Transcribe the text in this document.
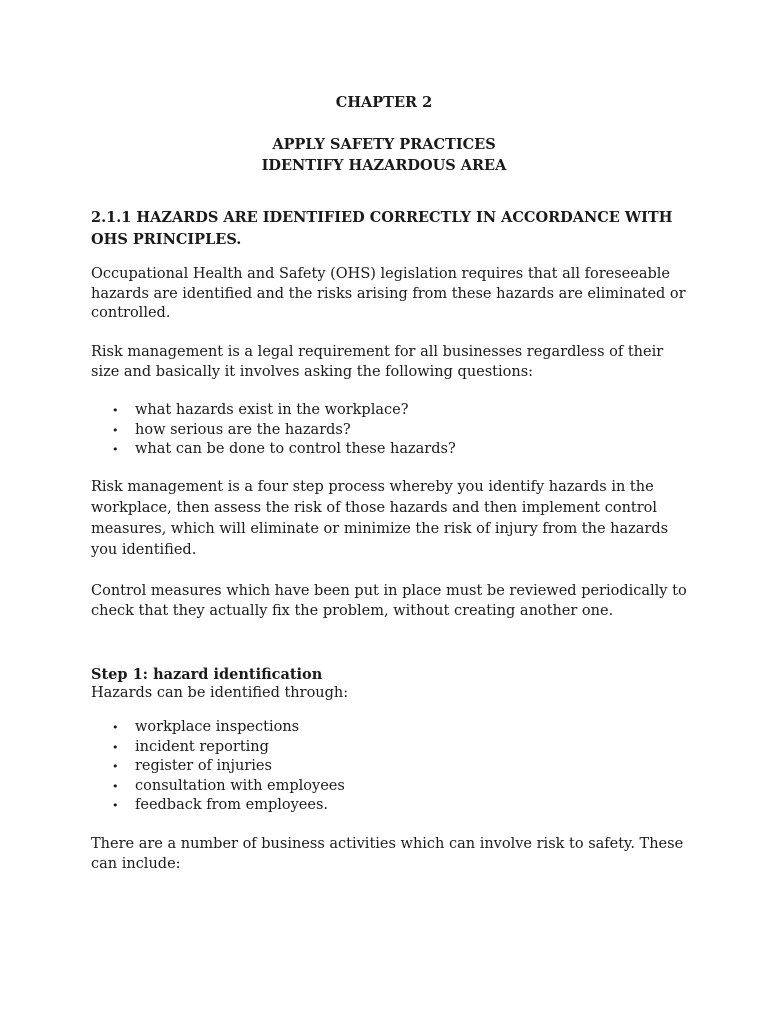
CHAPTER 2
APPLY SAFETY PRACTICES
IDENTIFY HAZARDOUS AREA
2.1.1 HAZARDS ARE IDENTIFIED CORRECTLY IN ACCORDANCE WITH OHS PRINCIPLES.

Occupational Health and Safety (OHS) legislation requires that all foreseeable hazards are identified and the risks arising from these hazards are eliminated or controlled.

Risk management is a legal requirement for all businesses regardless of their size and basically it involves asking the following questions:

• what hazards exist in the workplace?
• how serious are the hazards?
• what can be done to control these hazards?

Risk management is a four step process whereby you identify hazards in the workplace, then assess the risk of those hazards and then implement control measures, which will eliminate or minimize the risk of injury from the hazards you identified.

Control measures which have been put in place must be reviewed periodically to check that they actually fix the problem, without creating another one.

Step 1: hazard identification

Hazards can be identified through:

• workplace inspections
• incident reporting
• register of injuries
• consultation with employees
• feedback from employees.

There are a number of business activities which can involve risk to safety. These can include:
